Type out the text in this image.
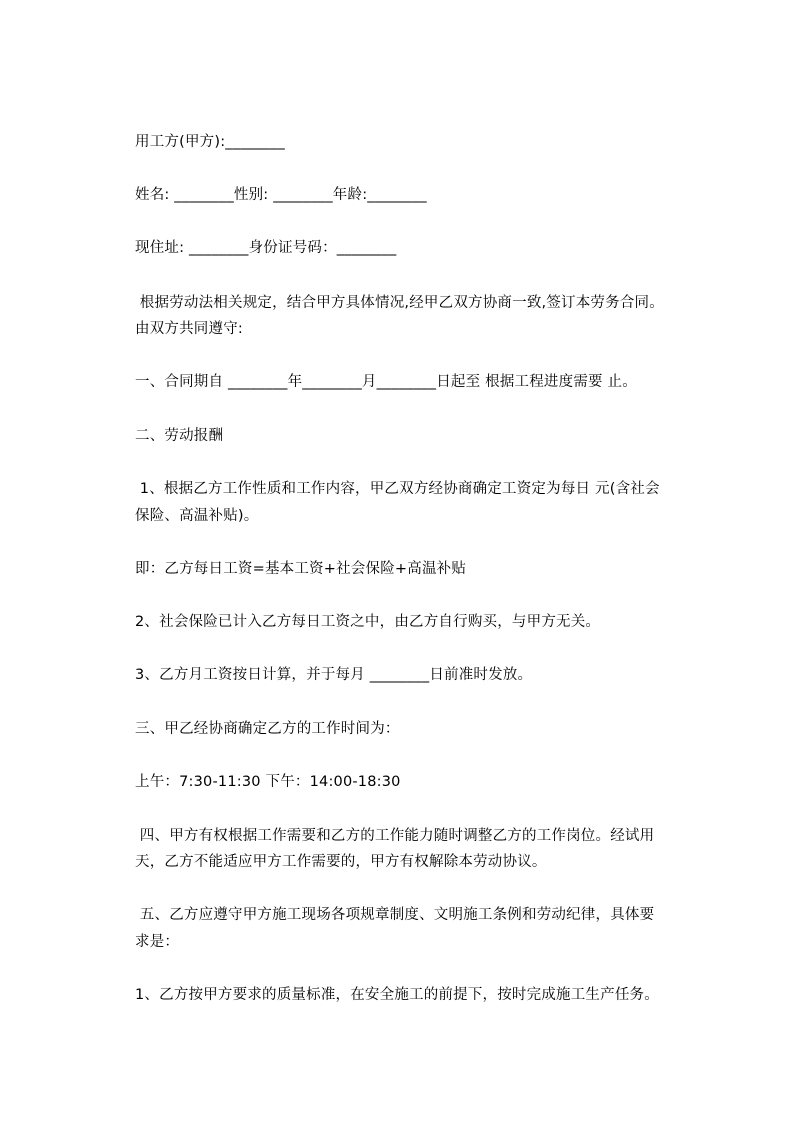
用工方(甲方):________
姓名: ________性别: ________年龄:________
现住址: ________身份证号码：________
根据劳动法相关规定，结合甲方具体情况,经甲乙双方协商一致,签订本劳务合同。
由双方共同遵守:
一、合同期自 ________年________月________日起至 根据工程进度需要 止。
二、劳动报酬
1、根据乙方工作性质和工作内容，甲乙双方经协商确定工资定为每日 元(含社会
保险、高温补贴)。
即：乙方每日工资=基本工资+社会保险+高温补贴
2、社会保险已计入乙方每日工资之中，由乙方自行购买，与甲方无关。
3、乙方月工资按日计算，并于每月 ________日前准时发放。
三、甲乙经协商确定乙方的工作时间为：
上午：7:30-11:30 下午：14:00-18:30
四、甲方有权根据工作需要和乙方的工作能力随时调整乙方的工作岗位。经试用
天，乙方不能适应甲方工作需要的，甲方有权解除本劳动协议。
五、乙方应遵守甲方施工现场各项规章制度、文明施工条例和劳动纪律，具体要
求是：
1、乙方按甲方要求的质量标准，在安全施工的前提下，按时完成施工生产任务。
